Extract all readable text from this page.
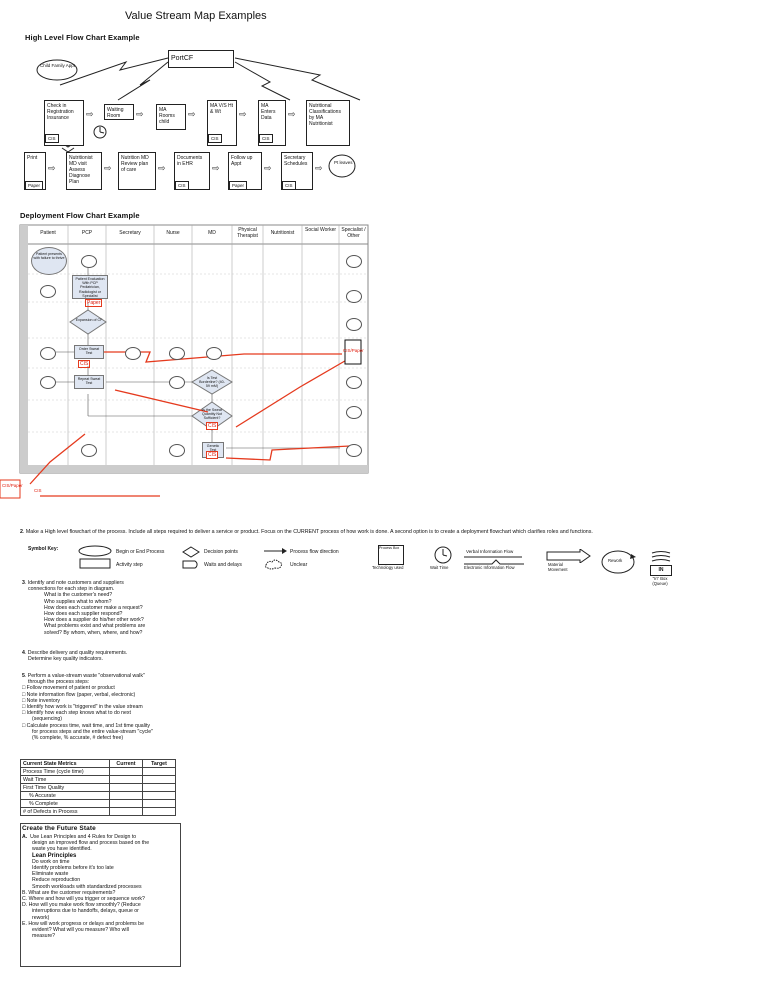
Value Stream Map Examples
High Level Flow Chart Example
PortCF
Child Family Appt
Check in Registration Insurance
CIS
⇨	Waiting Room	⇨	MA Rooms child
⇨
MA V/S Ht & Wt
CIS
⇨
MA Enters Data
CIS
⇨
Nutritional Classifications by MA Nutritionist
Print
Paper
⇨
Nutritionist MD visit Assess Diagnose Plan
⇨
Nutrition MD Review plan of care	⇨
Documents in EHR
CIS
⇨
Follow up Appt
Paper
⇨
Secretary Schedules
CIS
⇨
Pt leaves
Deployment Flow Chart Example
Patient	PCP	Secretary	Nurse	MD	Physical Therapist	Nutritionist	Social Worker	Specialist / Other
Patient presents with failure to thrive
Patient Evaluation With PCP Pediatrician, Radiologist or Specialist
Paper
Expansion of CF
Order Sweat Test
CIS
Repeat Sweat Test
Is Test Borderline? (40-59 mM)
Is the Sweat Quantity Not Sufficient?
CIS
Genetic
CIS
CIS/Paper
CIS/Paper
CIS
2. Make a High level flowchart of the process. Include all steps required to deliver a service or product. Focus on the CURRENT process of how work is done. A second option is to create a deployment flowchart which clarifies roles and functions.
Symbol Key:	Begin or End Process
Activity step
Decision points
Waits and delays
Process flow direction
Unclear
Process Box
Technology used	Wait Time
Verbal Information Flow
Electronic Information Flow
Material Movement
Rework
IN
"In" Box (Queue)
3. Identify and note customers and suppliers
connections for each step in diagram.
What is the customer's need?
Who supplies what to whom?
How does each customer make a request?
How does each supplier respond?
How does a supplier do his/her other work?
What problems exist and what problems are
solved? By whom, when, where, and how?
4. Describe delivery and quality requirements.
Determine key quality indicators.
5. Perform a value-stream waste "observational walk"
through the process steps:
□ Follow movement of patient or product
□ Note information flow (paper, verbal, electronic)
□ Note inventory
□ Identify how work is "triggered" in the value stream
□ Identify how each step knows what to do next
(sequencing)
□ Calculate process time, wait time, and 1st time quality
for process steps and the entire value-stream "cycle"
(% complete, % accurate, # defect free)
Current State Metrics	Current	Target
Process Time (cycle time)		
Wait Time		
First Time Quality		
% Accurate		
% Complete		
# of Defects in Process		
Create the Future State
A. Use Lean Principles and 4 Rules for Design to
design an improved flow and process based on the
waste you have identified.
Lean Principles
Do work on time
Identify problems before it's too late
Eliminate waste
Reduce reproduction
Smooth workloads with standardized processes
B. What are the customer requirements?
C. Where and how will you trigger or sequence work?
D. How will you make work flow smoothly? (Reduce
interruptions due to handoffs, delays, queue or
rework)
E. How will work progress or delays and problems be
evident? What will you measure? Who will
measure?
